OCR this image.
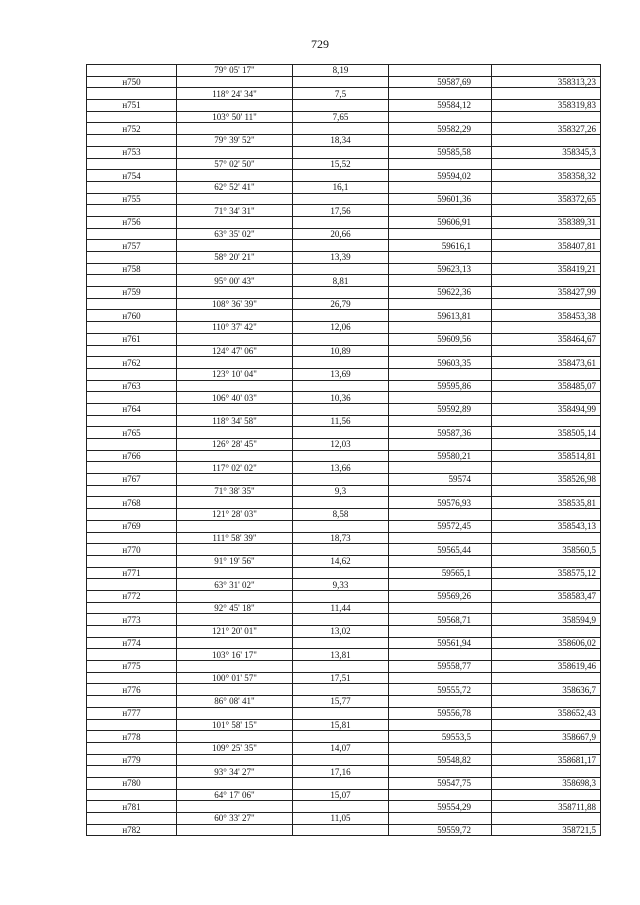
729
	79° 05' 17"	8,19		
н750			59587,69	358313,23
	118° 24' 34"	7,5		
н751			59584,12	358319,83
	103° 50' 11"	7,65		
н752			59582,29	358327,26
	79° 39' 52"	18,34		
н753			59585,58	358345,3
	57° 02' 50"	15,52		
н754			59594,02	358358,32
	62° 52' 41"	16,1		
н755			59601,36	358372,65
	71° 34' 31"	17,56		
н756			59606,91	358389,31
	63° 35' 02"	20,66		
н757			59616,1	358407,81
	58° 20' 21"	13,39		
н758			59623,13	358419,21
	95° 00' 43"	8,81		
н759			59622,36	358427,99
	108° 36' 39"	26,79		
н760			59613,81	358453,38
	110° 37' 42"	12,06		
н761			59609,56	358464,67
	124° 47' 06"	10,89		
н762			59603,35	358473,61
	123° 10' 04"	13,69		
н763			59595,86	358485,07
	106° 40' 03"	10,36		
н764			59592,89	358494,99
	118° 34' 58"	11,56		
н765			59587,36	358505,14
	126° 28' 45"	12,03		
н766			59580,21	358514,81
	117° 02' 02"	13,66		
н767			59574	358526,98
	71° 38' 35"	9,3		
н768			59576,93	358535,81
	121° 28' 03"	8,58		
н769			59572,45	358543,13
	111° 58' 39"	18,73		
н770			59565,44	358560,5
	91° 19' 56"	14,62		
н771			59565,1	358575,12
	63° 31' 02"	9,33		
н772			59569,26	358583,47
	92° 45' 18"	11,44		
н773			59568,71	358594,9
	121° 20' 01"	13,02		
н774			59561,94	358606,02
	103° 16' 17"	13,81		
н775			59558,77	358619,46
	100° 01' 57"	17,51		
н776			59555,72	358636,7
	86° 08' 41"	15,77		
н777			59556,78	358652,43
	101° 58' 15"	15,81		
н778			59553,5	358667,9
	109° 25' 35"	14,07		
н779			59548,82	358681,17
	93° 34' 27"	17,16		
н780			59547,75	358698,3
	64° 17' 06"	15,07		
н781			59554,29	358711,88
	60° 33' 27"	11,05		
н782			59559,72	358721,5
